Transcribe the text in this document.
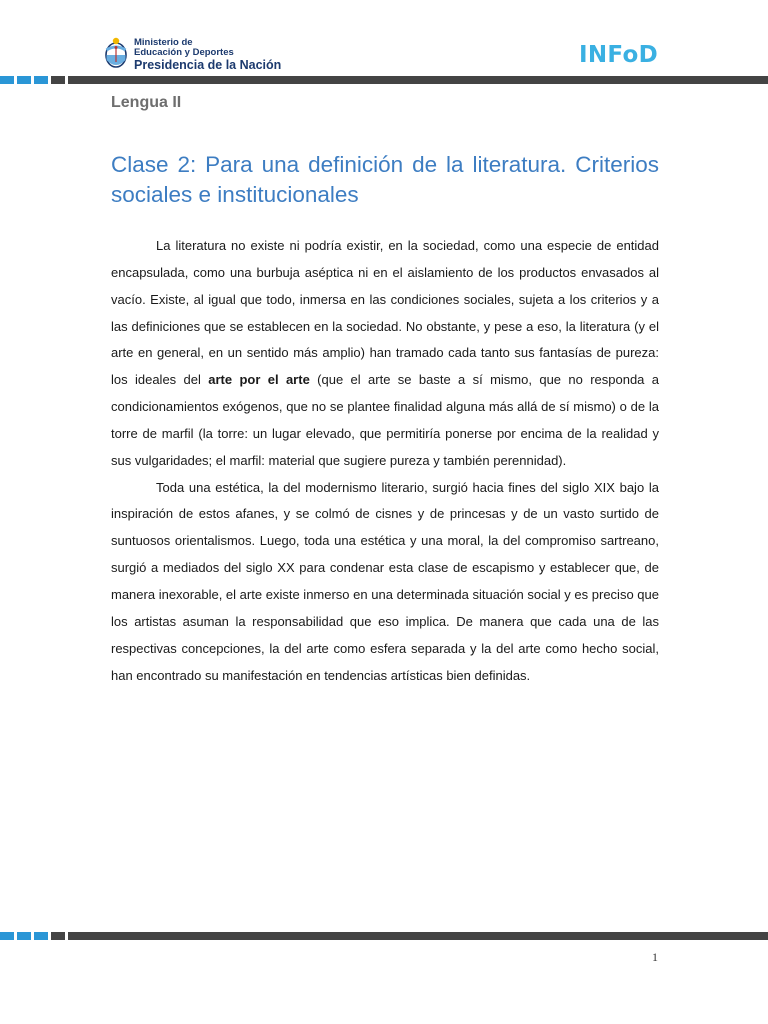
Ministerio de
Educación y Deportes
Presidencia de la Nación	INFoD
Lengua II
Clase 2: Para una definición de la literatura. Criterios sociales e institucionales

La literatura no existe ni podría existir, en la sociedad, como una especie de entidad encapsulada, como una burbuja aséptica ni en el aislamiento de los productos envasados al vacío. Existe, al igual que todo, inmersa en las condiciones sociales, sujeta a los criterios y a las definiciones que se establecen en la sociedad. No obstante, y pese a eso, la literatura (y el arte en general, en un sentido más amplio) han tramado cada tanto sus fantasías de pureza: los ideales del arte por el arte (que el arte se baste a sí mismo, que no responda a condicionamientos exógenos, que no se plantee finalidad alguna más allá de sí mismo) o de la torre de marfil (la torre: un lugar elevado, que permitiría ponerse por encima de la realidad y sus vulgaridades; el marfil: material que sugiere pureza y también perennidad).

Toda una estética, la del modernismo literario, surgió hacia fines del siglo XIX bajo la inspiración de estos afanes, y se colmó de cisnes y de princesas y de un vasto surtido de suntuosos orientalismos. Luego, toda una estética y una moral, la del compromiso sartreano, surgió a mediados del siglo XX para condenar esta clase de escapismo y establecer que, de manera inexorable, el arte existe inmerso en una determinada situación social y es preciso que los artistas asuman la responsabilidad que eso implica. De manera que cada una de las respectivas concepciones, la del arte como esfera separada y la del arte como hecho social, han encontrado su manifestación en tendencias artísticas bien definidas.

1
